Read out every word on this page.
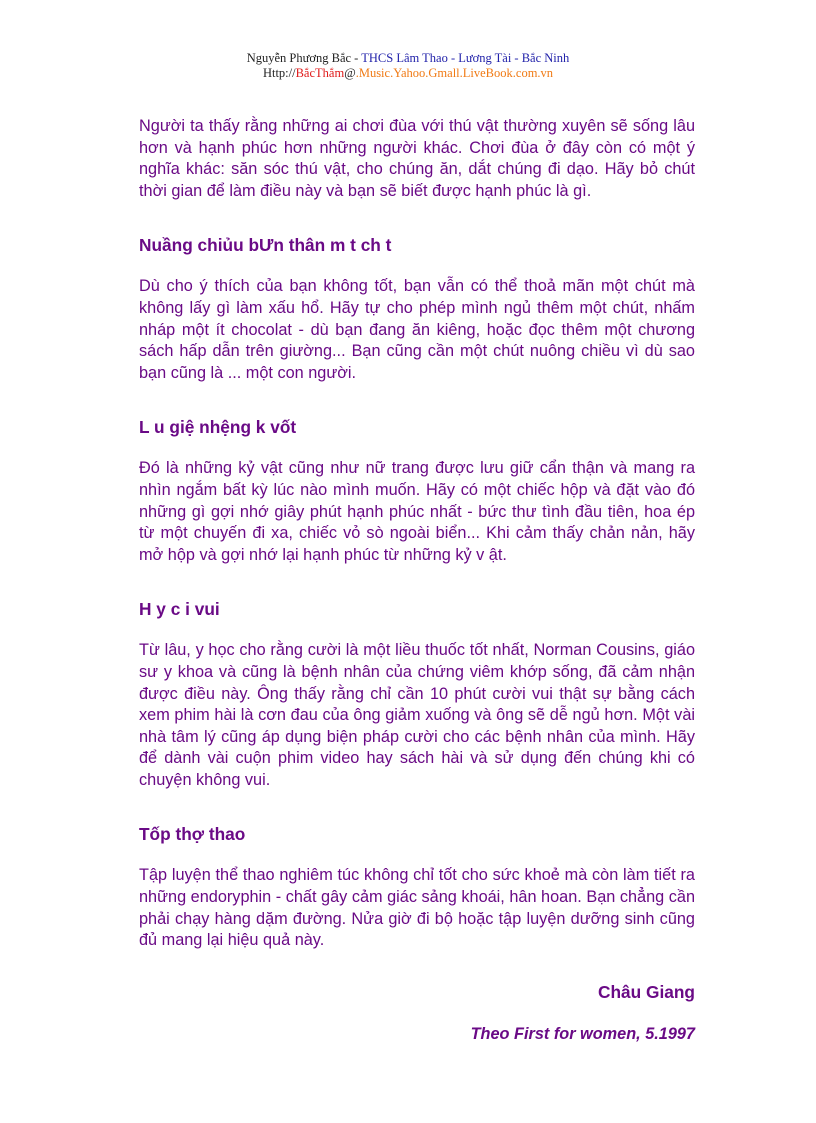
Nguyễn Phương Bắc - THCS Lâm Thao - Lương Tài - Bắc Ninh
Http://BắcThắm@.Music.Yahoo.Gmall.LiveBook.com.vn

Người ta thấy rằng những ai chơi đùa với thú vật thường xuyên sẽ sống lâu hơn và hạnh phúc hơn những người khác. Chơi đùa ở đây còn có một ý nghĩa khác: săn sóc thú vật, cho chúng ăn, dắt chúng đi dạo. Hãy bỏ chút thời gian để làm điều này và bạn sẽ biết được hạnh phúc là gì.

Nuầng chiủu bƯn thân m t ch t

Dù cho ý thích của bạn không tốt, bạn vẫn có thể thoả mãn một chút mà không lấy gì làm xấu hổ. Hãy tự cho phép mình ngủ thêm một chút, nhấm nháp một ít chocolat - dù bạn đang ăn kiêng, hoặc đọc thêm một chương sách hấp dẫn trên giường... Bạn cũng cần một chút nuông chiều vì dù sao bạn cũng là ... một con người.

L u giệ nhệng k vốt

Đó là những kỷ vật cũng như nữ trang được lưu giữ cẩn thận và mang ra nhìn ngắm bất kỳ lúc nào mình muốn. Hãy có một chiếc hộp và đặt vào đó những gì gợi nhớ giây phút hạnh phúc nhất - bức thư tình đầu tiên, hoa ép từ một chuyến đi xa, chiếc vỏ sò ngoài biển... Khi cảm thấy chản nản, hãy mở hộp và gợi nhớ lại hạnh phúc từ những kỷ v ật.

H y c i vui

Từ lâu, y học cho rằng cười là một liều thuốc tốt nhất, Norman Cousins, giáo sư y khoa và cũng là bệnh nhân của chứng viêm khớp sống, đã cảm nhận được điều này. Ông thấy rằng chỉ cần 10 phút cười vui thật sự bằng cách xem phim hài là cơn đau của ông giảm xuống và ông sẽ dễ ngủ hơn. Một vài nhà tâm lý cũng áp dụng biện pháp cười cho các bệnh nhân của mình. Hãy để dành vài cuộn phim video hay sách hài và sử dụng đến chúng khi có chuyện không vui.

Tốp thợ thao

Tập luyện thể thao nghiêm túc không chỉ tốt cho sức khoẻ mà còn làm tiết ra những endoryphin - chất gây cảm giác sảng khoái, hân hoan. Bạn chẳng cần phải chạy hàng dặm đường. Nửa giờ đi bộ hoặc tập luyện dưỡng sinh cũng đủ mang lại hiệu quả này.

Châu Giang
Theo First for women, 5.1997
